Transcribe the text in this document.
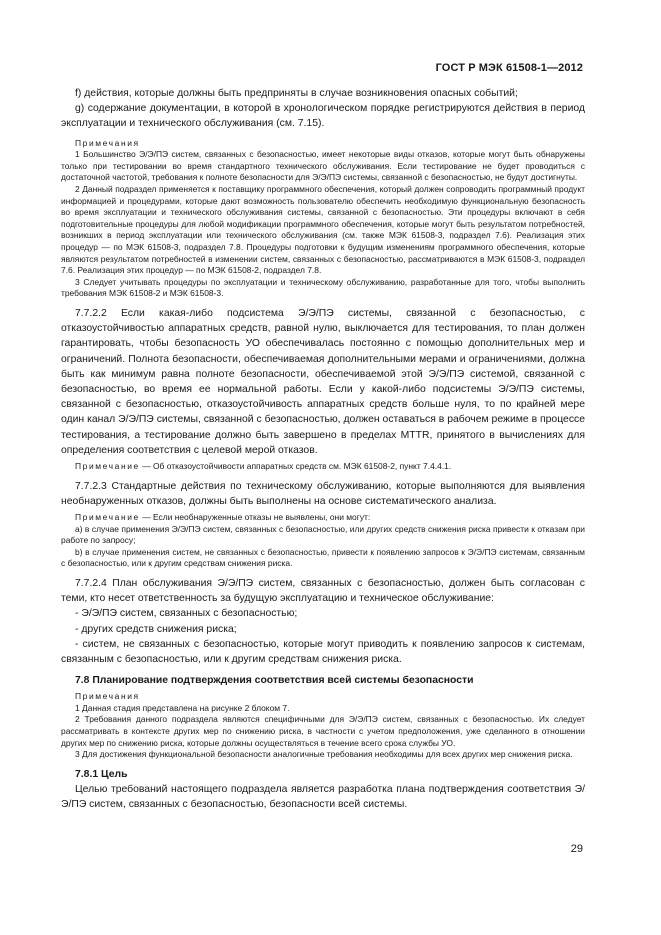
ГОСТ Р МЭК 61508-1—2012

f) действия, которые должны быть предприняты в случае возникновения опасных событий;

g) содержание документации, в которой в хронологическом порядке регистрируются действия в период эксплуатации и технического обслуживания (см. 7.15).

Примечания

1 Большинство Э/Э/ПЭ систем, связанных с безопасностью, имеет некоторые виды отказов, которые могут быть обнаружены только при тестировании во время стандартного технического обслуживания. Если тестирование не будет проводиться с достаточной частотой, требования к полноте безопасности для Э/Э/ПЭ системы, связанной с безопасностью, не будут достигнуты.

2 Данный подраздел применяется к поставщику программного обеспечения, который должен сопроводить программный продукт информацией и процедурами, которые дают возможность пользователю обеспечить необходимую функциональную безопасность во время эксплуатации и технического обслуживания системы, связанной с безопасностью. Эти процедуры включают в себя подготовительные процедуры для любой модификации программного обеспечения, которые могут быть результатом потребностей, возникших в период эксплуатации или технического обслуживания (см. также МЭК 61508-3, подраздел 7.6). Реализация этих процедур — по МЭК 61508-3, подраздел 7.8. Процедуры подготовки к будущим изменениям программного обеспечения, которые являются результатом потребностей в изменении систем, связанных с безопасностью, рассматриваются в МЭК 61508-3, подраздел 7.6. Реализация этих процедур — по МЭК 61508-2, подраздел 7.8.

3 Следует учитывать процедуры по эксплуатации и техническому обслуживанию, разработанные для того, чтобы выполнить требования МЭК 61508-2 и МЭК 61508-3.

7.7.2.2 Если какая-либо подсистема Э/Э/ПЭ системы, связанной с безопасностью, с отказоустойчивостью аппаратных средств, равной нулю, выключается для тестирования, то план должен гарантировать, чтобы безопасность УО обеспечивалась постоянно с помощью дополнительных мер и ограничений. Полнота безопасности, обеспечиваемая дополнительными мерами и ограничениями, должна быть как минимум равна полноте безопасности, обеспечиваемой этой Э/Э/ПЭ системой, связанной с безопасностью, во время ее нормальной работы. Если у какой-либо подсистемы Э/Э/ПЭ системы, связанной с безопасностью, отказоустойчивость аппаратных средств больше нуля, то по крайней мере один канал Э/Э/ПЭ системы, связанной с безопасностью, должен оставаться в рабочем режиме в процессе тестирования, а тестирование должно быть завершено в пределах MTTR, принятого в вычислениях для определения соответствия с целевой мерой отказов.

Примечание — Об отказоустойчивости аппаратных средств см. МЭК 61508-2, пункт 7.4.4.1.

7.7.2.3 Стандартные действия по техническому обслуживанию, которые выполняются для выявления необнаруженных отказов, должны быть выполнены на основе систематического анализа.

Примечание — Если необнаруженные отказы не выявлены, они могут:

а) в случае применения Э/Э/ПЭ систем, связанных с безопасностью, или других средств снижения риска привести к отказам при работе по запросу;

b) в случае применения систем, не связанных с безопасностью, привести к появлению запросов к Э/Э/ПЭ системам, связанным с безопасностью, или к другим средствам снижения риска.

7.7.2.4 План обслуживания Э/Э/ПЭ систем, связанных с безопасностью, должен быть согласован с теми, кто несет ответственность за будущую эксплуатацию и техническое обслуживание:

- Э/Э/ПЭ систем, связанных с безопасностью;

- других средств снижения риска;

- систем, не связанных с безопасностью, которые могут приводить к появлению запросов к системам, связанным с безопасностью, или к другим средствам снижения риска.

7.8 Планирование подтверждения соответствия всей системы безопасности

Примечания

1 Данная стадия представлена на рисунке 2 блоком 7.

2 Требования данного подраздела являются специфичными для Э/Э/ПЭ систем, связанных с безопасностью. Их следует рассматривать в контексте других мер по снижению риска, в частности с учетом предположения, уже сделанного в отношении других мер по снижению риска, которые должны осуществляться в течение всего срока службы УО.

3 Для достижения функциональной безопасности аналогичные требования необходимы для всех других мер снижения риска.

7.8.1 Цель

Целью требований настоящего подраздела является разработка плана подтверждения соответствия Э/Э/ПЭ систем, связанных с безопасностью, безопасности всей системы.

29
